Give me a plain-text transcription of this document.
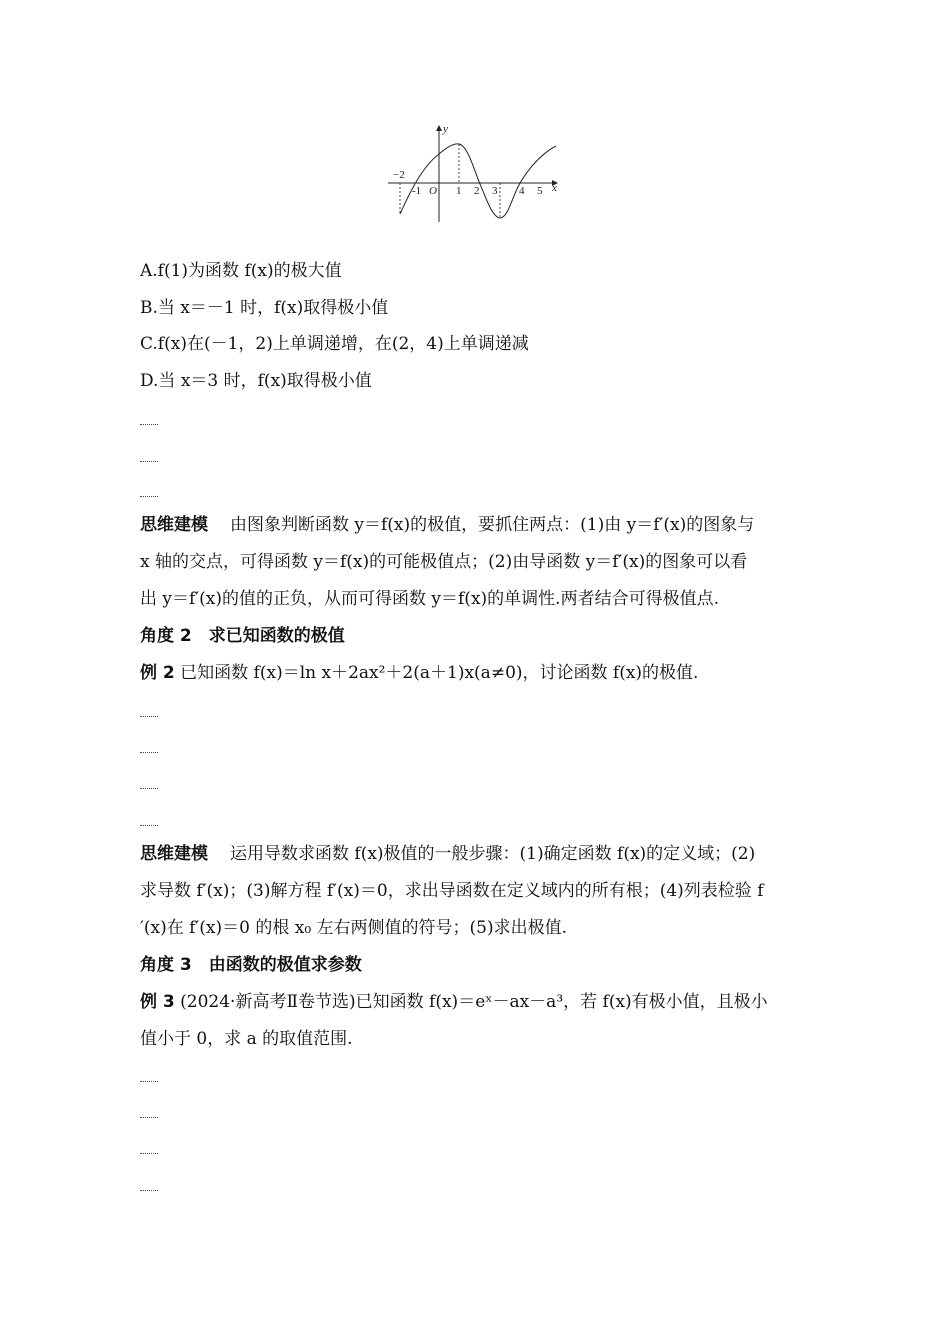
y
x
O
−2
-1	1 2 3 4 5
A.f(1)为函数 f(x)的极大值
B.当 x＝－1 时，f(x)取得极小值
C.f(x)在(－1，2)上单调递增，在(2，4)上单调递减
D.当 x＝3 时，f(x)取得极小值
思维建模 由图象判断函数 y＝f(x)的极值，要抓住两点：(1)由 y＝f′(x)的图象与
x 轴的交点，可得函数 y＝f(x)的可能极值点；(2)由导函数 y＝f′(x)的图象可以看
出 y＝f′(x)的值的正负，从而可得函数 y＝f(x)的单调性.两者结合可得极值点.
角度 2　求已知函数的极值
例 2 已知函数 f(x)＝ln x＋2ax²＋2(a＋1)x(a≠0)，讨论函数 f(x)的极值.
思维建模 运用导数求函数 f(x)极值的一般步骤：(1)确定函数 f(x)的定义域；(2)
求导数 f′(x)；(3)解方程 f′(x)＝0，求出导函数在定义域内的所有根；(4)列表检验 f
′(x)在 f′(x)＝0 的根 x₀ 左右两侧值的符号；(5)求出极值.
角度 3　由函数的极值求参数
例 3 (2024·新高考Ⅱ卷节选)已知函数 f(x)＝eˣ－ax－a³，若 f(x)有极小值，且极小
值小于 0，求 a 的取值范围.
